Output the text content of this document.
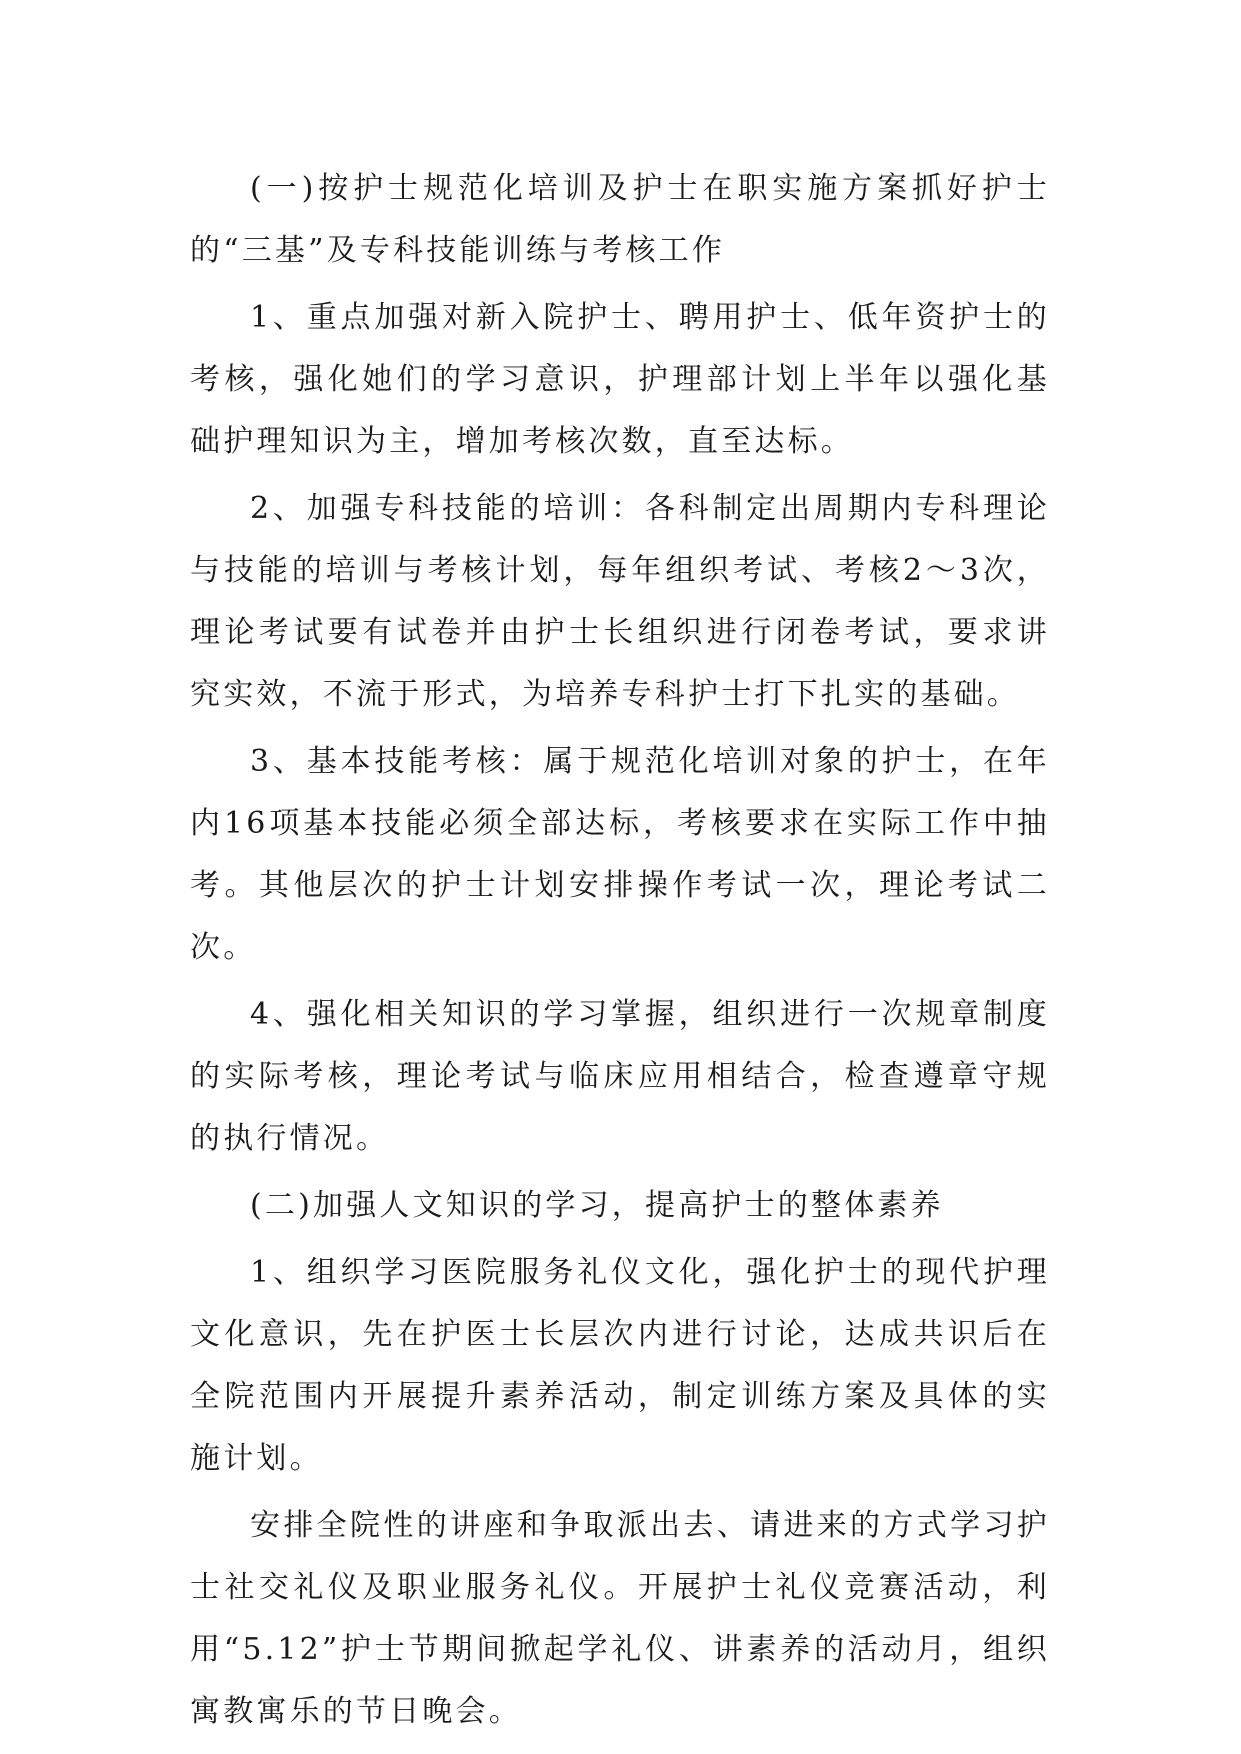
(一)按护士规范化培训及护士在职实施方案抓好护士的“三基”及专科技能训练与考核工作

1、重点加强对新入院护士、聘用护士、低年资护士的考核，强化她们的学习意识，护理部计划上半年以强化基础护理知识为主，增加考核次数，直至达标。

2、加强专科技能的培训：各科制定出周期内专科理论与技能的培训与考核计划，每年组织考试、考核2～3次，理论考试要有试卷并由护士长组织进行闭卷考试，要求讲究实效，不流于形式，为培养专科护士打下扎实的基础。

3、基本技能考核：属于规范化培训对象的护士，在年内16项基本技能必须全部达标，考核要求在实际工作中抽考。其他层次的护士计划安排操作考试一次，理论考试二次。

4、强化相关知识的学习掌握，组织进行一次规章制度的实际考核，理论考试与临床应用相结合，检查遵章守规的执行情况。

(二)加强人文知识的学习，提高护士的整体素养

1、组织学习医院服务礼仪文化，强化护士的现代护理文化意识，先在护医士长层次内进行讨论，达成共识后在全院范围内开展提升素养活动，制定训练方案及具体的实施计划。

安排全院性的讲座和争取派出去、请进来的方式学习护士社交礼仪及职业服务礼仪。开展护士礼仪竞赛活动，利用“5.12”护士节期间掀起学礼仪、讲素养的活动月，组织寓教寓乐的节日晚会。
